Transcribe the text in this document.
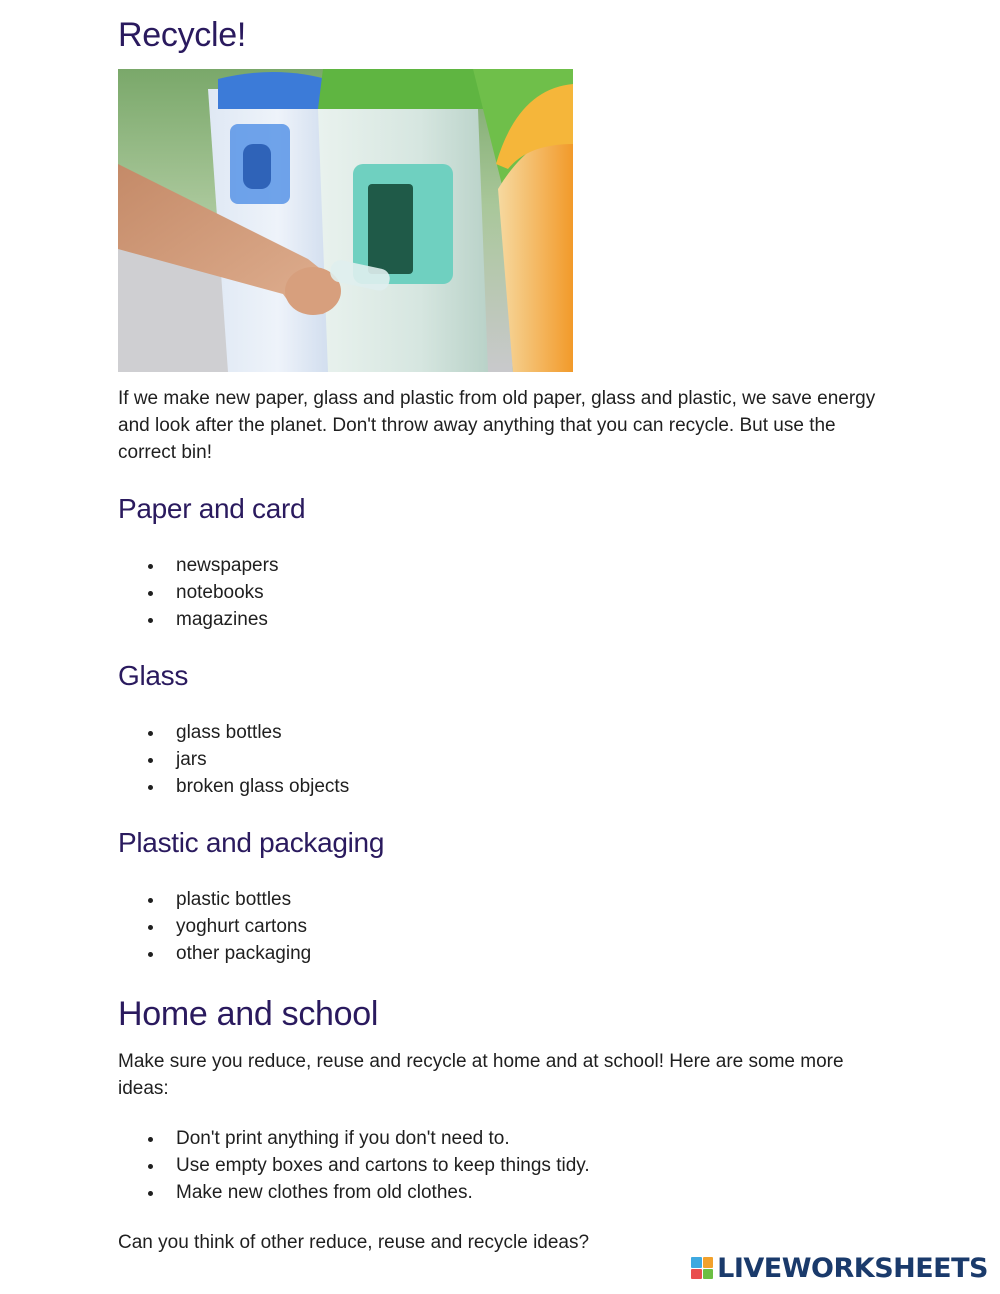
Recycle!

If we make new paper, glass and plastic from old paper, glass and plastic, we save energy and look after the planet. Don't throw away anything that you can recycle. But use the correct bin!

Paper and card
newspapers
notebooks
magazines
Glass
glass bottles
jars
broken glass objects
Plastic and packaging
plastic bottles
yoghurt cartons
other packaging
Home and school

Make sure you reduce, reuse and recycle at home and at school! Here are some more ideas:

Don't print anything if you don't need to.
Use empty boxes and cartons to keep things tidy.
Make new clothes from old clothes.

Can you think of other reduce, reuse and recycle ideas?

LIVEWORKSHEETS
